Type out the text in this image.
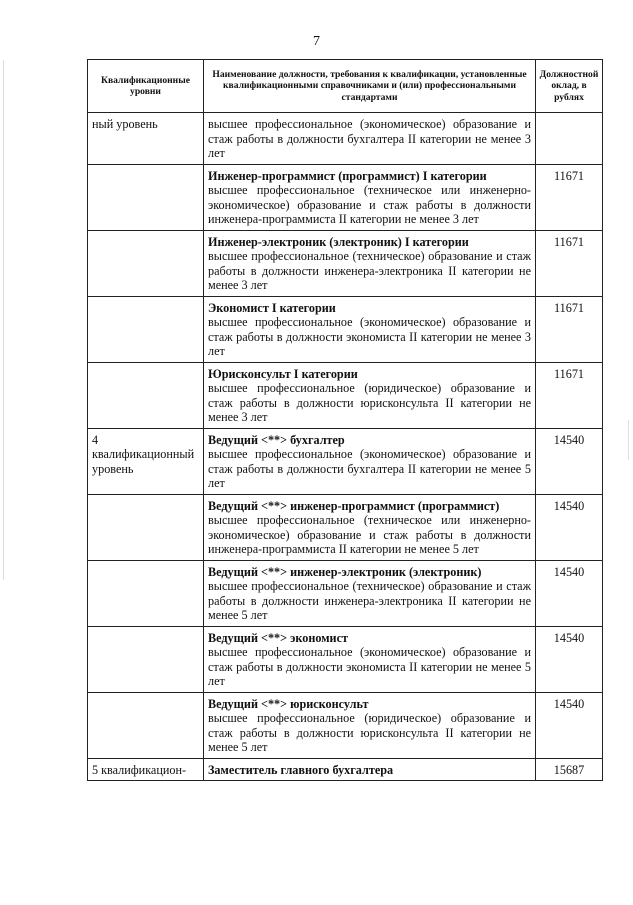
7
Квалификационные уровни	Наименование должности, требования к квалификации, установленные квалификационными справочниками и (или) профессиональными стандартами	Должностной оклад, в рублях
ный уровень	высшее профессиональное (экономическое) образование и стаж работы в должности бухгалтера II категории не менее 3 лет	

	Инженер-программист (программист) I категории
высшее профессиональное (техническое или инженерно-экономическое) образование и стаж работы в должности инженера-программиста II категории не менее 3 лет	11671

	Инженер-электроник (электроник) I категории
высшее профессиональное (техническое) образование и стаж работы в должности инженера-электроника II категории не менее 3 лет	11671

	Экономист I категории
высшее профессиональное (экономическое) образование и стаж работы в должности экономиста II категории не менее 3 лет	11671

	Юрисконсульт I категории
высшее профессиональное (юридическое) образование и стаж работы в должности юрисконсульта II категории не менее 3 лет	11671
4 квалификационный уровень	Ведущий <**> бухгалтер
высшее профессиональное (экономическое) образование и стаж работы в должности бухгалтера II категории не менее 5 лет	14540

	Ведущий <**> инженер-программист (программист)
высшее профессиональное (техническое или инженерно-экономическое) образование и стаж работы в должности инженера-программиста II категории не менее 5 лет	14540

	Ведущий <**> инженер-электроник (электроник)
высшее профессиональное (техническое) образование и стаж работы в должности инженера-электроника II категории не менее 5 лет	14540

	Ведущий <**> экономист
высшее профессиональное (экономическое) образование и стаж работы в должности экономиста II категории не менее 5 лет	14540

	Ведущий <**> юрисконсульт
высшее профессиональное (юридическое) образование и стаж работы в должности юрисконсульта II категории не менее 5 лет	14540
5 квалификацион-	Заместитель главного бухгалтера	15687
